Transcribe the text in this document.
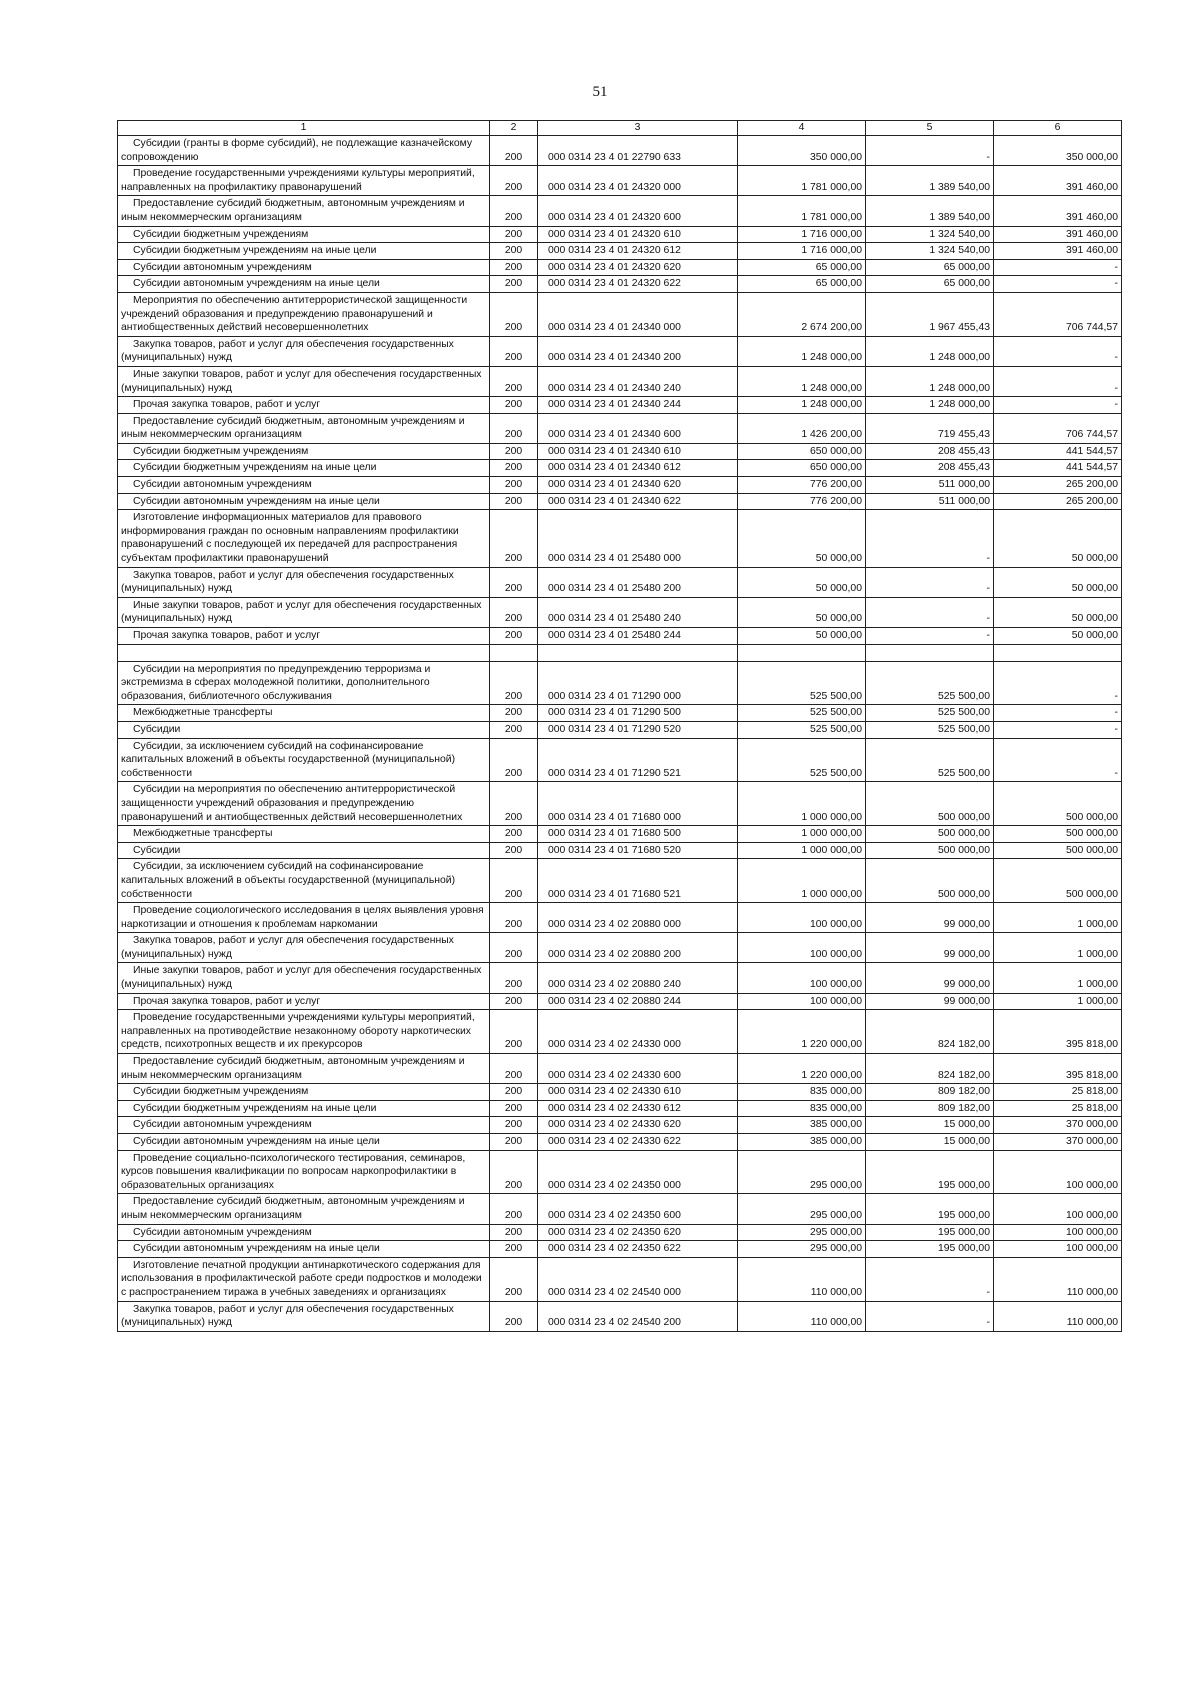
51
1	2	3	4	5	6
Субсидии (гранты в форме субсидий), не подлежащие казначейскому сопровождению	200	000 0314 23 4 01 22790 633	350 000,00	-	350 000,00
Проведение государственными учреждениями культуры мероприятий, направленных на профилактику правонарушений	200	000 0314 23 4 01 24320 000	1 781 000,00	1 389 540,00	391 460,00
Предоставление субсидий бюджетным, автономным учреждениям и иным некоммерческим организациям	200	000 0314 23 4 01 24320 600	1 781 000,00	1 389 540,00	391 460,00
Субсидии бюджетным учреждениям	200	000 0314 23 4 01 24320 610	1 716 000,00	1 324 540,00	391 460,00
Субсидии бюджетным учреждениям на иные цели	200	000 0314 23 4 01 24320 612	1 716 000,00	1 324 540,00	391 460,00
Субсидии автономным учреждениям	200	000 0314 23 4 01 24320 620	65 000,00	65 000,00	-
Субсидии автономным учреждениям на иные цели	200	000 0314 23 4 01 24320 622	65 000,00	65 000,00	-
Мероприятия по обеспечению антитеррористической защищенности учреждений образования и предупреждению правонарушений и антиобщественных действий несовершеннолетних	200	000 0314 23 4 01 24340 000	2 674 200,00	1 967 455,43	706 744,57
Закупка товаров, работ и услуг для обеспечения государственных (муниципальных) нужд	200	000 0314 23 4 01 24340 200	1 248 000,00	1 248 000,00	-
Иные закупки товаров, работ и услуг для обеспечения государственных (муниципальных) нужд	200	000 0314 23 4 01 24340 240	1 248 000,00	1 248 000,00	-
Прочая закупка товаров, работ и услуг	200	000 0314 23 4 01 24340 244	1 248 000,00	1 248 000,00	-
Предоставление субсидий бюджетным, автономным учреждениям и иным некоммерческим организациям	200	000 0314 23 4 01 24340 600	1 426 200,00	719 455,43	706 744,57
Субсидии бюджетным учреждениям	200	000 0314 23 4 01 24340 610	650 000,00	208 455,43	441 544,57
Субсидии бюджетным учреждениям на иные цели	200	000 0314 23 4 01 24340 612	650 000,00	208 455,43	441 544,57
Субсидии автономным учреждениям	200	000 0314 23 4 01 24340 620	776 200,00	511 000,00	265 200,00
Субсидии автономным учреждениям на иные цели	200	000 0314 23 4 01 24340 622	776 200,00	511 000,00	265 200,00
Изготовление информационных материалов для правового информирования граждан по основным направлениям профилактики правонарушений с последующей их передачей для распространения субъектам профилактики правонарушений	200	000 0314 23 4 01 25480 000	50 000,00	-	50 000,00
Закупка товаров, работ и услуг для обеспечения государственных (муниципальных) нужд	200	000 0314 23 4 01 25480 200	50 000,00	-	50 000,00
Иные закупки товаров, работ и услуг для обеспечения государственных (муниципальных) нужд	200	000 0314 23 4 01 25480 240	50 000,00	-	50 000,00
Прочая закупка товаров, работ и услуг	200	000 0314 23 4 01 25480 244	50 000,00	-	50 000,00

Субсидии на мероприятия по предупреждению терроризма и экстремизма в сферах молодежной политики, дополнительного образования, библиотечного обслуживания	200	000 0314 23 4 01 71290 000	525 500,00	525 500,00	-
Межбюджетные трансферты	200	000 0314 23 4 01 71290 500	525 500,00	525 500,00	-
Субсидии	200	000 0314 23 4 01 71290 520	525 500,00	525 500,00	-
Субсидии, за исключением субсидий на софинансирование капитальных вложений в объекты государственной (муниципальной) собственности	200	000 0314 23 4 01 71290 521	525 500,00	525 500,00	-
Субсидии на мероприятия по обеспечению антитеррористической защищенности учреждений образования и предупреждению правонарушений и антиобщественных действий несовершеннолетних	200	000 0314 23 4 01 71680 000	1 000 000,00	500 000,00	500 000,00
Межбюджетные трансферты	200	000 0314 23 4 01 71680 500	1 000 000,00	500 000,00	500 000,00
Субсидии	200	000 0314 23 4 01 71680 520	1 000 000,00	500 000,00	500 000,00
Субсидии, за исключением субсидий на софинансирование капитальных вложений в объекты государственной (муниципальной) собственности	200	000 0314 23 4 01 71680 521	1 000 000,00	500 000,00	500 000,00
Проведение социологического исследования в целях выявления уровня наркотизации и отношения к проблемам наркомании	200	000 0314 23 4 02 20880 000	100 000,00	99 000,00	1 000,00
Закупка товаров, работ и услуг для обеспечения государственных (муниципальных) нужд	200	000 0314 23 4 02 20880 200	100 000,00	99 000,00	1 000,00
Иные закупки товаров, работ и услуг для обеспечения государственных (муниципальных) нужд	200	000 0314 23 4 02 20880 240	100 000,00	99 000,00	1 000,00
Прочая закупка товаров, работ и услуг	200	000 0314 23 4 02 20880 244	100 000,00	99 000,00	1 000,00
Проведение государственными учреждениями культуры мероприятий, направленных на противодействие незаконному обороту наркотических средств, психотропных веществ и их прекурсоров	200	000 0314 23 4 02 24330 000	1 220 000,00	824 182,00	395 818,00
Предоставление субсидий бюджетным, автономным учреждениям и иным некоммерческим организациям	200	000 0314 23 4 02 24330 600	1 220 000,00	824 182,00	395 818,00
Субсидии бюджетным учреждениям	200	000 0314 23 4 02 24330 610	835 000,00	809 182,00	25 818,00
Субсидии бюджетным учреждениям на иные цели	200	000 0314 23 4 02 24330 612	835 000,00	809 182,00	25 818,00
Субсидии автономным учреждениям	200	000 0314 23 4 02 24330 620	385 000,00	15 000,00	370 000,00
Субсидии автономным учреждениям на иные цели	200	000 0314 23 4 02 24330 622	385 000,00	15 000,00	370 000,00
Проведение социально-психологического тестирования, семинаров, курсов повышения квалификации по вопросам наркопрофилактики в образовательных организациях	200	000 0314 23 4 02 24350 000	295 000,00	195 000,00	100 000,00
Предоставление субсидий бюджетным, автономным учреждениям и иным некоммерческим организациям	200	000 0314 23 4 02 24350 600	295 000,00	195 000,00	100 000,00
Субсидии автономным учреждениям	200	000 0314 23 4 02 24350 620	295 000,00	195 000,00	100 000,00
Субсидии автономным учреждениям на иные цели	200	000 0314 23 4 02 24350 622	295 000,00	195 000,00	100 000,00
Изготовление печатной продукции антинаркотического содержания для использования в профилактической работе среди подростков и молодежи с распространением тиража в учебных заведениях и организациях	200	000 0314 23 4 02 24540 000	110 000,00	-	110 000,00
Закупка товаров, работ и услуг для обеспечения государственных (муниципальных) нужд	200	000 0314 23 4 02 24540 200	110 000,00	-	110 000,00
